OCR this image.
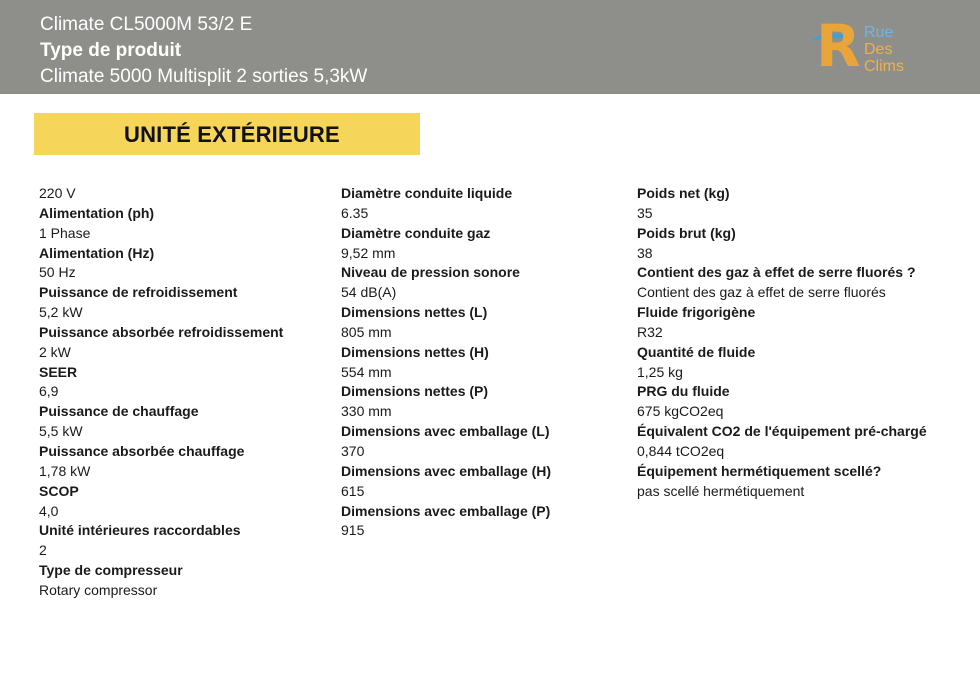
Climate CL5000M 53/2 E
Type de produit
Climate 5000 Multisplit 2 sorties 5,3kW	R Rue
Des
Clims
UNITÉ EXTÉRIEURE
220 V
Alimentation (ph)
1 Phase
Alimentation (Hz)
50 Hz
Puissance de refroidissement
5,2 kW
Puissance absorbée refroidissement
2 kW
SEER
6,9
Puissance de chauffage
5,5 kW
Puissance absorbée chauffage
1,78 kW
SCOP
4,0
Unité intérieures raccordables
2
Type de compresseur
Rotary compressor
Diamètre conduite liquide
6.35
Diamètre conduite gaz
9,52 mm
Niveau de pression sonore
54 dB(A)
Dimensions nettes (L)
805 mm
Dimensions nettes (H)
554 mm
Dimensions nettes (P)
330 mm
Dimensions avec emballage (L)
370
Dimensions avec emballage (H)
615
Dimensions avec emballage (P)
915
Poids net (kg)
35
Poids brut (kg)
38
Contient des gaz à effet de serre fluorés ?
Contient des gaz à effet de serre fluorés
Fluide frigorigène
R32
Quantité de fluide
1,25 kg
PRG du fluide
675 kgCO2eq
Équivalent CO2 de l'équipement pré-chargé
0,844 tCO2eq
Équipement hermétiquement scellé?
pas scellé hermétiquement
